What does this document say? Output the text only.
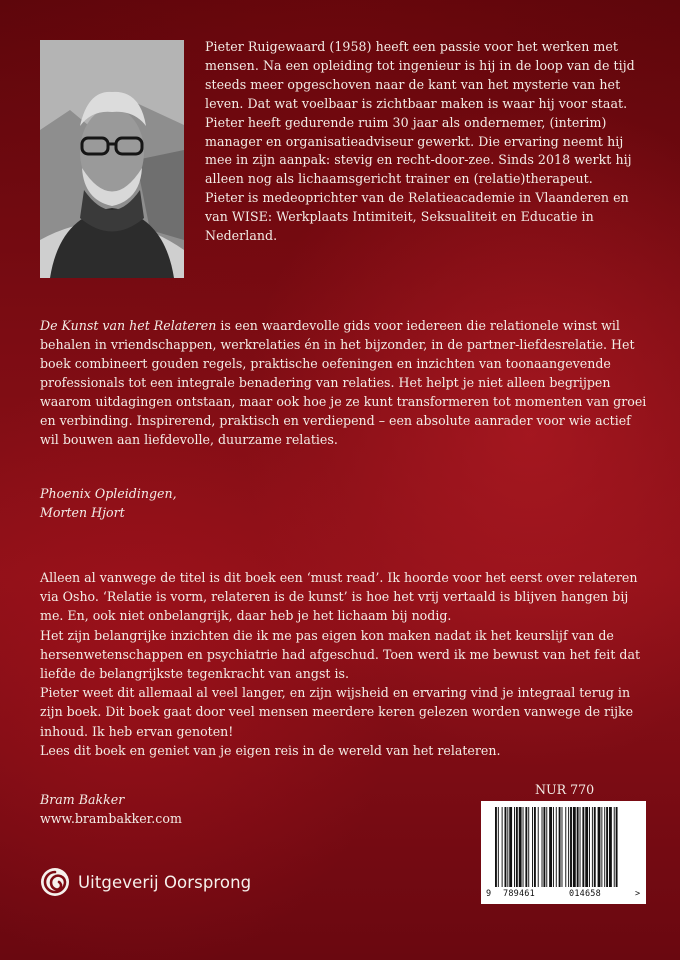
Pieter Ruigewaard (1958) heeft een passie voor het werken met mensen. Na een opleiding tot ingenieur is hij in de loop van de tijd steeds meer opgeschoven naar de kant van het mysterie van het leven. Dat wat voelbaar is zichtbaar maken is waar hij voor staat.

Pieter heeft gedurende ruim 30 jaar als ondernemer, (interim) manager en organisatieadviseur gewerkt. Die ervaring neemt hij mee in zijn aanpak: stevig en recht-door-zee. Sinds 2018 werkt hij alleen nog als lichaamsgericht trainer en (relatie)therapeut.

Pieter is medeoprichter van de Relatieacademie in Vlaanderen en van WISE: Werkplaats Intimiteit, Seksualiteit en Educatie in Nederland.

De Kunst van het Relateren is een waardevolle gids voor iedereen die relationele winst wil behalen in vriendschappen, werkrelaties én in het bijzonder, in de partner-liefdesrelatie. Het boek combineert gouden regels, praktische oefeningen en inzichten van toonaangevende professionals tot een integrale benadering van relaties. Het helpt je niet alleen begrijpen waarom uitdagingen ontstaan, maar ook hoe je ze kunt transformeren tot momenten van groei en verbinding. Inspirerend, praktisch en verdiepend – een absolute aanrader voor wie actief wil bouwen aan liefdevolle, duurzame relaties.

Phoenix Opleidingen,
Morten Hjort

Alleen al vanwege de titel is dit boek een ‘must read’. Ik hoorde voor het eerst over relateren via Osho. ‘Relatie is vorm, relateren is de kunst’ is hoe het vrij vertaald is blijven hangen bij me. En, ook niet onbelangrijk, daar heb je het lichaam bij nodig.

Het zijn belangrijke inzichten die ik me pas eigen kon maken nadat ik het keurslijf van de hersenwetenschappen en psychiatrie had afgeschud. Toen werd ik me bewust van het feit dat liefde de belangrijkste tegenkracht van angst is.

Pieter weet dit allemaal al veel langer, en zijn wijsheid en ervaring vind je integraal terug in zijn boek. Dit boek gaat door veel mensen meerdere keren gelezen worden vanwege de rijke inhoud. Ik heb ervan genoten!

Lees dit boek en geniet van je eigen reis in de wereld van het relateren.

Bram Bakker
www.brambakker.com
Uitgeverij Oorsprong
NUR 770
9 789461	014658	>
